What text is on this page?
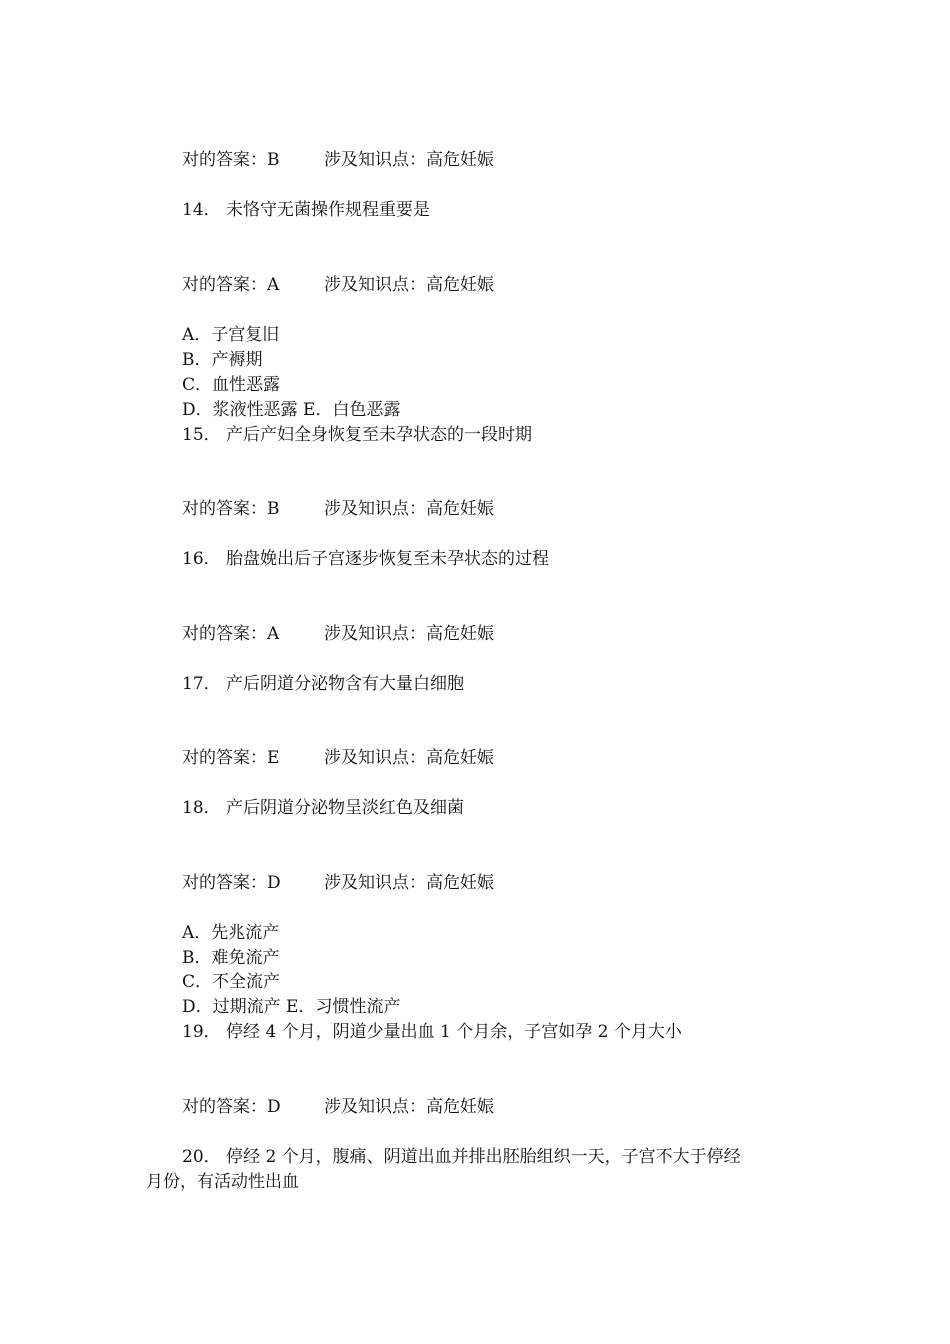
对的答案：B	涉及知识点：高危妊娠
14． 未恪守无菌操作规程重要是
对的答案：A	涉及知识点：高危妊娠
A．子宫复旧
B．产褥期
C．血性恶露
D．浆液性恶露 E．白色恶露
15． 产后产妇全身恢复至未孕状态的一段时期
对的答案：B	涉及知识点：高危妊娠
16． 胎盘娩出后子宫逐步恢复至未孕状态的过程
对的答案：A	涉及知识点：高危妊娠
17． 产后阴道分泌物含有大量白细胞
对的答案：E	涉及知识点：高危妊娠
18． 产后阴道分泌物呈淡红色及细菌
对的答案：D	涉及知识点：高危妊娠
A．先兆流产
B．难免流产
C．不全流产
D．过期流产 E．习惯性流产
19． 停经 4 个月，阴道少量出血 1 个月余，子宫如孕 2 个月大小
对的答案：D	涉及知识点：高危妊娠
20． 停经 2 个月，腹痛、阴道出血并排出胚胎组织一天，子宫不大于停经
月份，有活动性出血
